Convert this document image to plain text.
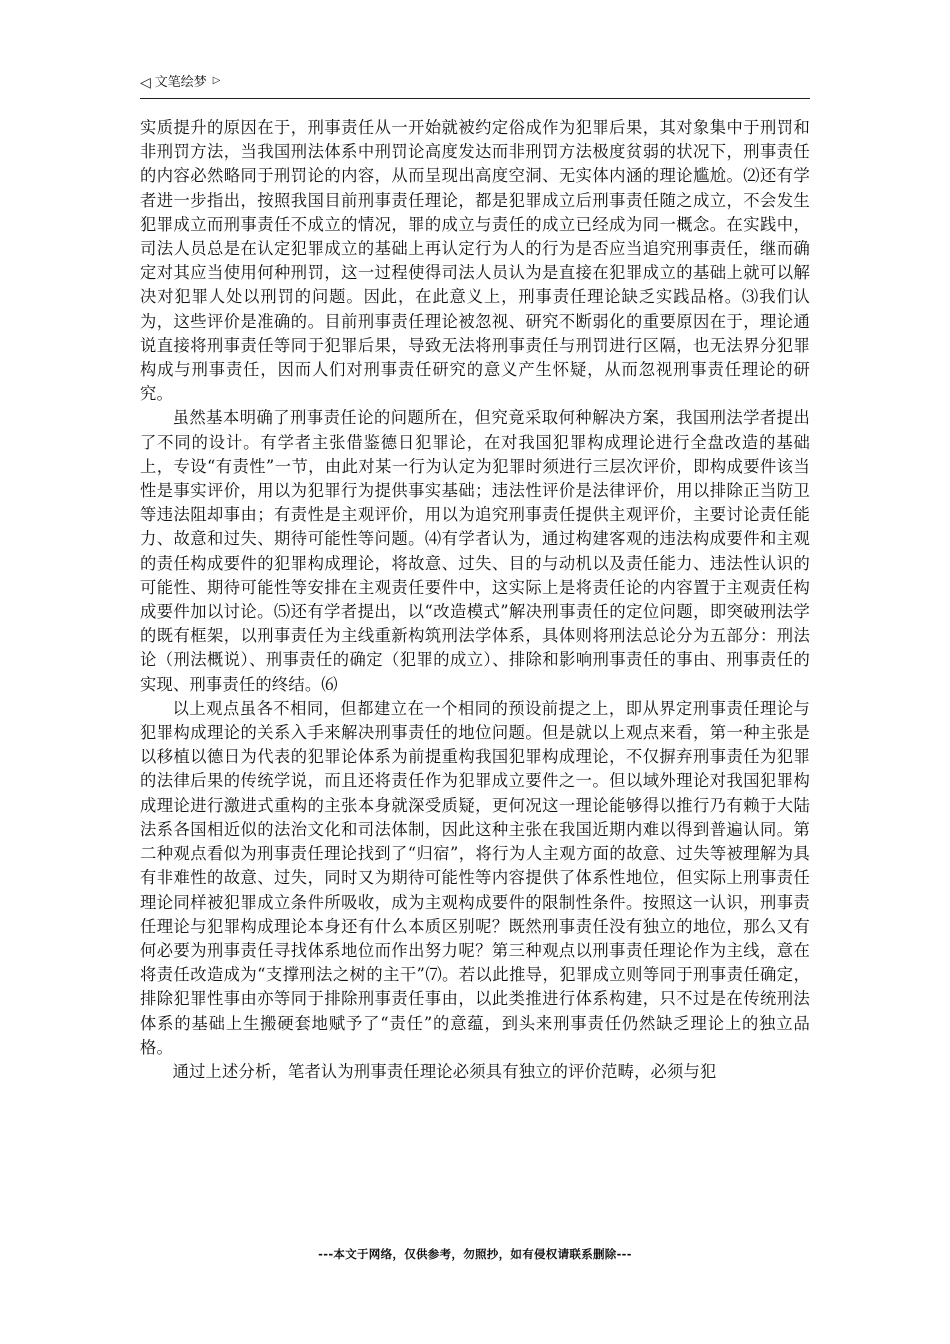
◁ 文笔绘梦 ▷

实质提升的原因在于，刑事责任从一开始就被约定俗成作为犯罪后果，其对象集中于刑罚和非刑罚方法，当我国刑法体系中刑罚论高度发达而非刑罚方法极度贫弱的状况下，刑事责任的内容必然略同于刑罚论的内容，从而呈现出高度空洞、无实体内涵的理论尴尬。⑵还有学者进一步指出，按照我国目前刑事责任理论，都是犯罪成立后刑事责任随之成立，不会发生犯罪成立而刑事责任不成立的情况，罪的成立与责任的成立已经成为同一概念。在实践中，司法人员总是在认定犯罪成立的基础上再认定行为人的行为是否应当追究刑事责任，继而确定对其应当使用何种刑罚，这一过程使得司法人员认为是直接在犯罪成立的基础上就可以解决对犯罪人处以刑罚的问题。因此，在此意义上，刑事责任理论缺乏实践品格。⑶我们认为，这些评价是准确的。目前刑事责任理论被忽视、研究不断弱化的重要原因在于，理论通说直接将刑事责任等同于犯罪后果，导致无法将刑事责任与刑罚进行区隔，也无法界分犯罪构成与刑事责任，因而人们对刑事责任研究的意义产生怀疑，从而忽视刑事责任理论的研究。

虽然基本明确了刑事责任论的问题所在，但究竟采取何种解决方案，我国刑法学者提出了不同的设计。有学者主张借鉴德日犯罪论，在对我国犯罪构成理论进行全盘改造的基础上，专设“有责性”一节，由此对某一行为认定为犯罪时须进行三层次评价，即构成要件该当性是事实评价，用以为犯罪行为提供事实基础；违法性评价是法律评价，用以排除正当防卫等违法阻却事由；有责性是主观评价，用以为追究刑事责任提供主观评价，主要讨论责任能力、故意和过失、期待可能性等问题。⑷有学者认为，通过构建客观的违法构成要件和主观的责任构成要件的犯罪构成理论，将故意、过失、目的与动机以及责任能力、违法性认识的可能性、期待可能性等安排在主观责任要件中，这实际上是将责任论的内容置于主观责任构成要件加以讨论。⑸还有学者提出，以“改造模式”解决刑事责任的定位问题，即突破刑法学的既有框架，以刑事责任为主线重新构筑刑法学体系，具体则将刑法总论分为五部分：刑法论（刑法概说）、刑事责任的确定（犯罪的成立）、排除和影响刑事责任的事由、刑事责任的实现、刑事责任的终结。⑹

以上观点虽各不相同，但都建立在一个相同的预设前提之上，即从界定刑事责任理论与犯罪构成理论的关系入手来解决刑事责任的地位问题。但是就以上观点来看，第一种主张是以移植以德日为代表的犯罪论体系为前提重构我国犯罪构成理论，不仅摒弃刑事责任为犯罪的法律后果的传统学说，而且还将责任作为犯罪成立要件之一。但以域外理论对我国犯罪构成理论进行激进式重构的主张本身就深受质疑，更何况这一理论能够得以推行乃有赖于大陆法系各国相近似的法治文化和司法体制，因此这种主张在我国近期内难以得到普遍认同。第二种观点看似为刑事责任理论找到了“归宿”，将行为人主观方面的故意、过失等被理解为具有非难性的故意、过失，同时又为期待可能性等内容提供了体系性地位，但实际上刑事责任理论同样被犯罪成立条件所吸收，成为主观构成要件的限制性条件。按照这一认识，刑事责任理论与犯罪构成理论本身还有什么本质区别呢？既然刑事责任没有独立的地位，那么又有何必要为刑事责任寻找体系地位而作出努力呢？第三种观点以刑事责任理论作为主线，意在将责任改造成为“支撑刑法之树的主干”⑺。若以此推导，犯罪成立则等同于刑事责任确定，排除犯罪性事由亦等同于排除刑事责任事由，以此类推进行体系构建，只不过是在传统刑法体系的基础上生搬硬套地赋予了“责任”的意蕴，到头来刑事责任仍然缺乏理论上的独立品格。

通过上述分析，笔者认为刑事责任理论必须具有独立的评价范畴，必须与犯

---本文于网络，仅供参考，勿照抄，如有侵权请联系删除---
